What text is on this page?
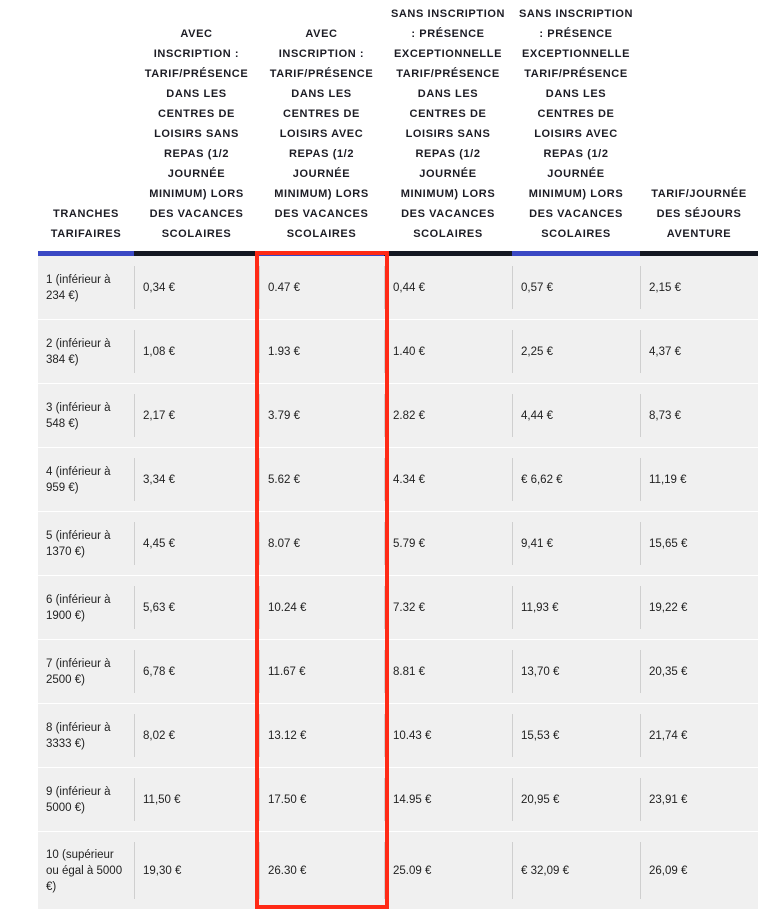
TRANCHES TARIFAIRES	AVEC INSCRIPTION : TARIF/PRÉSENCE DANS LES CENTRES DE LOISIRS SANS REPAS (1/2 JOURNÉE MINIMUM) LORS DES VACANCES SCOLAIRES	AVEC INSCRIPTION : TARIF/PRÉSENCE DANS LES CENTRES DE LOISIRS AVEC REPAS (1/2 JOURNÉE MINIMUM) LORS DES VACANCES SCOLAIRES	SANS INSCRIPTION : PRÉSENCE EXCEPTIONNELLE TARIF/PRÉSENCE DANS LES CENTRES DE LOISIRS SANS REPAS (1/2 JOURNÉE MINIMUM) LORS DES VACANCES SCOLAIRES	SANS INSCRIPTION : PRÉSENCE EXCEPTIONNELLE TARIF/PRÉSENCE DANS LES CENTRES DE LOISIRS AVEC REPAS (1/2 JOURNÉE MINIMUM) LORS DES VACANCES SCOLAIRES	TARIF/JOURNÉE DES SÉJOURS AVENTURE
1 (inférieur à 234 €)	0,34 €	0.47 €	0,44 €	0,57 €	2,15 €
2 (inférieur à 384 €)	1,08 €	1.93 €	1.40 €	2,25 €	4,37 €
3 (inférieur à 548 €)	2,17 €	3.79 €	2.82 €	4,44 €	8,73 €
4 (inférieur à 959 €)	3,34 €	5.62 €	4.34 €	€ 6,62 €	11,19 €
5 (inférieur à 1370 €)	4,45 €	8.07 €	5.79 €	9,41 €	15,65 €
6 (inférieur à 1900 €)	5,63 €	10.24 €	7.32 €	11,93 €	19,22 €
7 (inférieur à 2500 €)	6,78 €	11.67 €	8.81 €	13,70 €	20,35 €
8 (inférieur à 3333 €)	8,02 €	13.12 €	10.43 €	15,53 €	21,74 €
9 (inférieur à 5000 €)	11,50 €	17.50 €	14.95 €	20,95 €	23,91 €
10 (supérieur ou égal à 5000 €)	19,30 €	26.30 €	25.09 €	€ 32,09 €	26,09 €
